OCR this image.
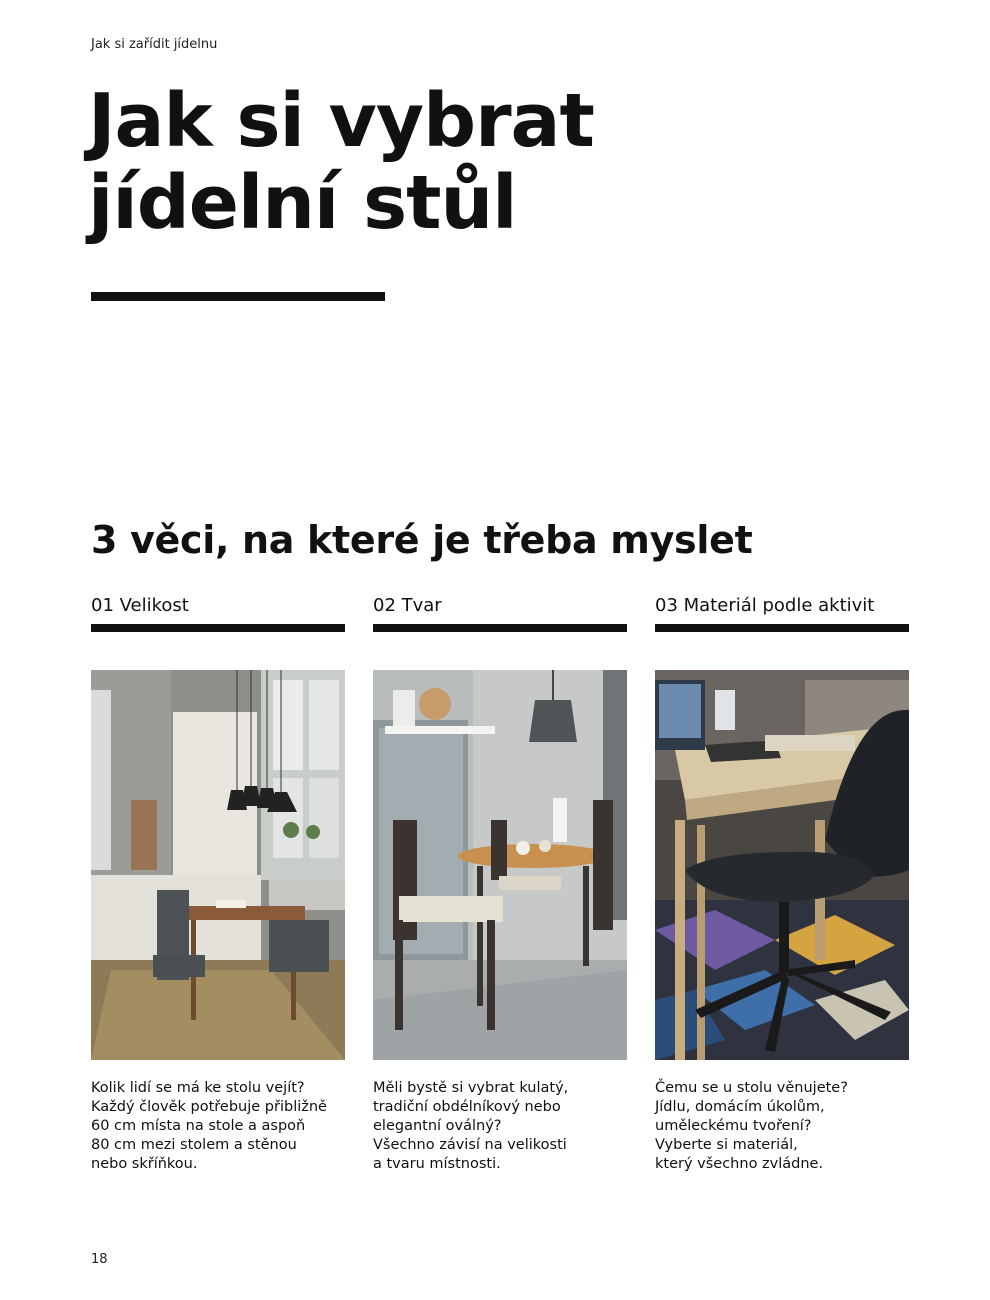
Jak si zařídit jídelnu
Jak si vybrat
jídelní stůl
3 věci, na které je třeba myslet
01 Velikost
Kolik lidí se má ke stolu vejít?
Každý člověk potřebuje přibližně
60 cm místa na stole a aspoň
80 cm mezi stolem a stěnou
nebo skříňkou.
02 Tvar
Měli bystě si vybrat kulatý,
tradiční obdélníkový nebo
elegantní oválný?
Všechno závisí na velikosti
a tvaru místnosti.
03 Materiál podle aktivit
Čemu se u stolu věnujete?
Jídlu, domácím úkolům,
uměleckému tvoření?
Vyberte si materiál,
který všechno zvládne.
18
